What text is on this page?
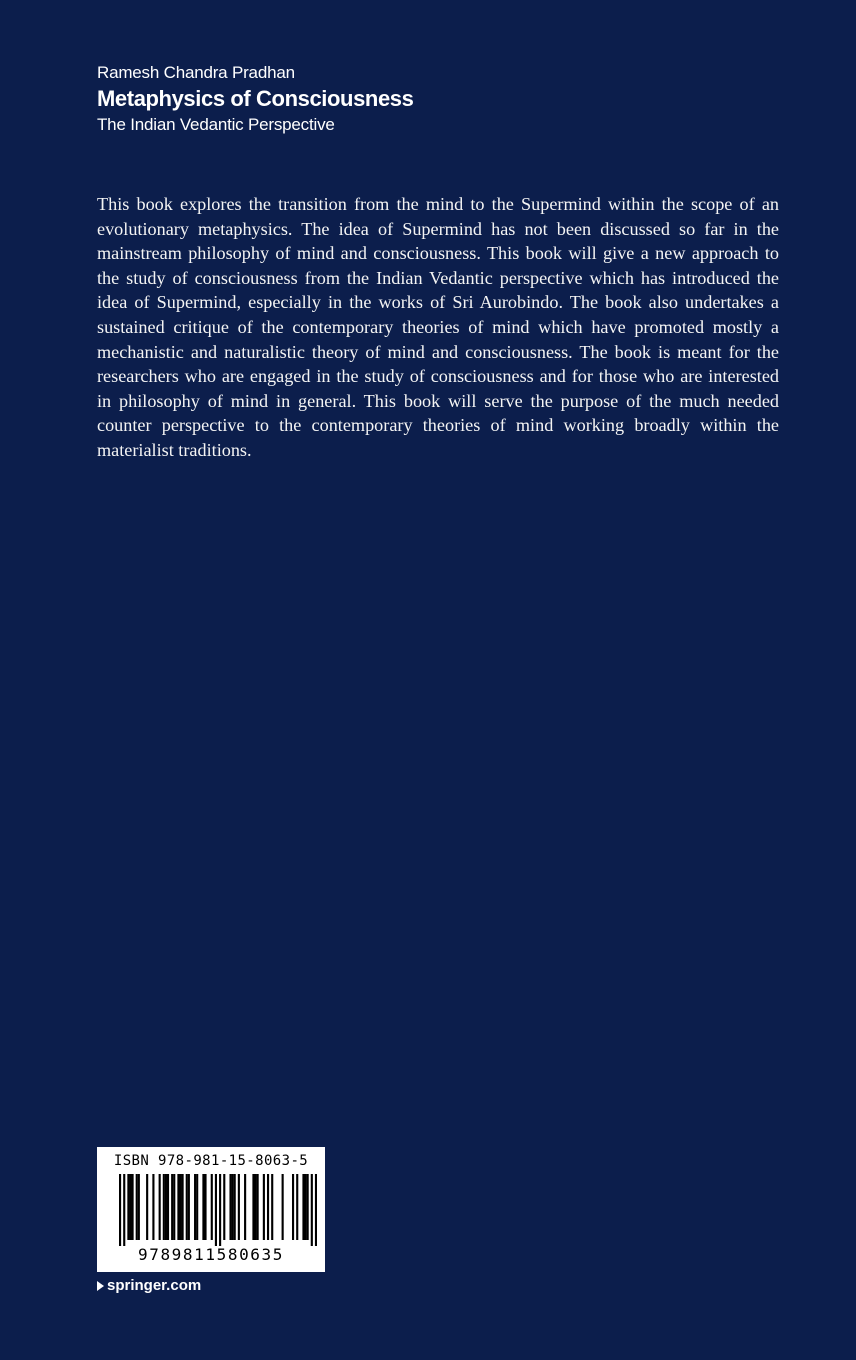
Ramesh Chandra Pradhan
Metaphysics of Consciousness
The Indian Vedantic Perspective
This book explores the transition from the mind to the Supermind within the scope of an evolutionary metaphysics. The idea of Supermind has not been discussed so far in the mainstream philosophy of mind and consciousness. This book will give a new approach to the study of consciousness from the Indian Vedantic perspective which has introduced the idea of Supermind, especially in the works of Sri Aurobindo. The book also undertakes a sustained critique of the contemporary theories of mind which have promoted mostly a mechanistic and naturalistic theory of mind and consciousness. The book is meant for the researchers who are engaged in the study of consciousness and for those who are interested in philosophy of mind in general. This book will serve the purpose of the much needed counter perspective to the contemporary theories of mind working broadly within the materialist traditions.
ISBN 978-981-15-8063-5
9789811580635
springer.com
